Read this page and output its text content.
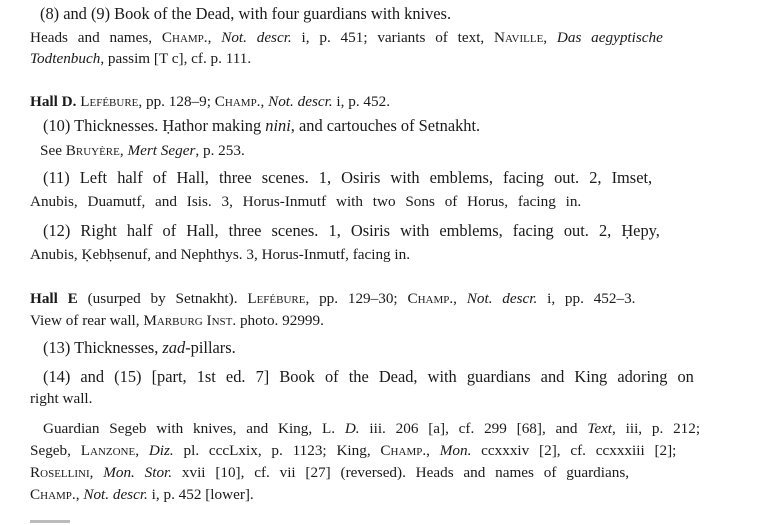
(8) and (9) Book of the Dead, with four guardians with knives.
Heads and names, Champ., Not. descr. i, p. 451; variants of text, Naville, Das aegyptische
Todtenbuch, passim [T c], cf. p. 111.
Hall D. Lefébure, pp. 128–9; Champ., Not. descr. i, p. 452.
(10) Thicknesses. Ḥathor making nini, and cartouches of Setnakht.
See Bruyère, Mert Seger, p. 253.
(11) Left half of Hall, three scenes. 1, Osiris with emblems, facing out. 2, Imset,
Anubis, Duamutf, and Isis. 3, Horus-Inmutf with two Sons of Horus, facing in.
(12) Right half of Hall, three scenes. 1, Osiris with emblems, facing out. 2, Ḥepy,
Anubis, Ḳebḥsenuf, and Nephthys. 3, Horus-Inmutf, facing in.
Hall E (usurped by Setnakht). Lefébure, pp. 129–30; Champ., Not. descr. i, pp. 452–3.
View of rear wall, Marburg Inst. photo. 92999.
(13) Thicknesses, zad-pillars.
(14) and (15) [part, 1st ed. 7] Book of the Dead, with guardians and King adoring on
right wall.
Guardian Segeb with knives, and King, L. D. iii. 206 [a], cf. 299 [68], and Text, iii, p. 212;
Segeb, Lanzone, Diz. pl. cccLxix, p. 1123; King, Champ., Mon. ccxxxiv [2], cf. ccxxxiii [2];
Rosellini, Mon. Stor. xvii [10], cf. vii [27] (reversed). Heads and names of guardians,
Champ., Not. descr. i, p. 452 [lower].
